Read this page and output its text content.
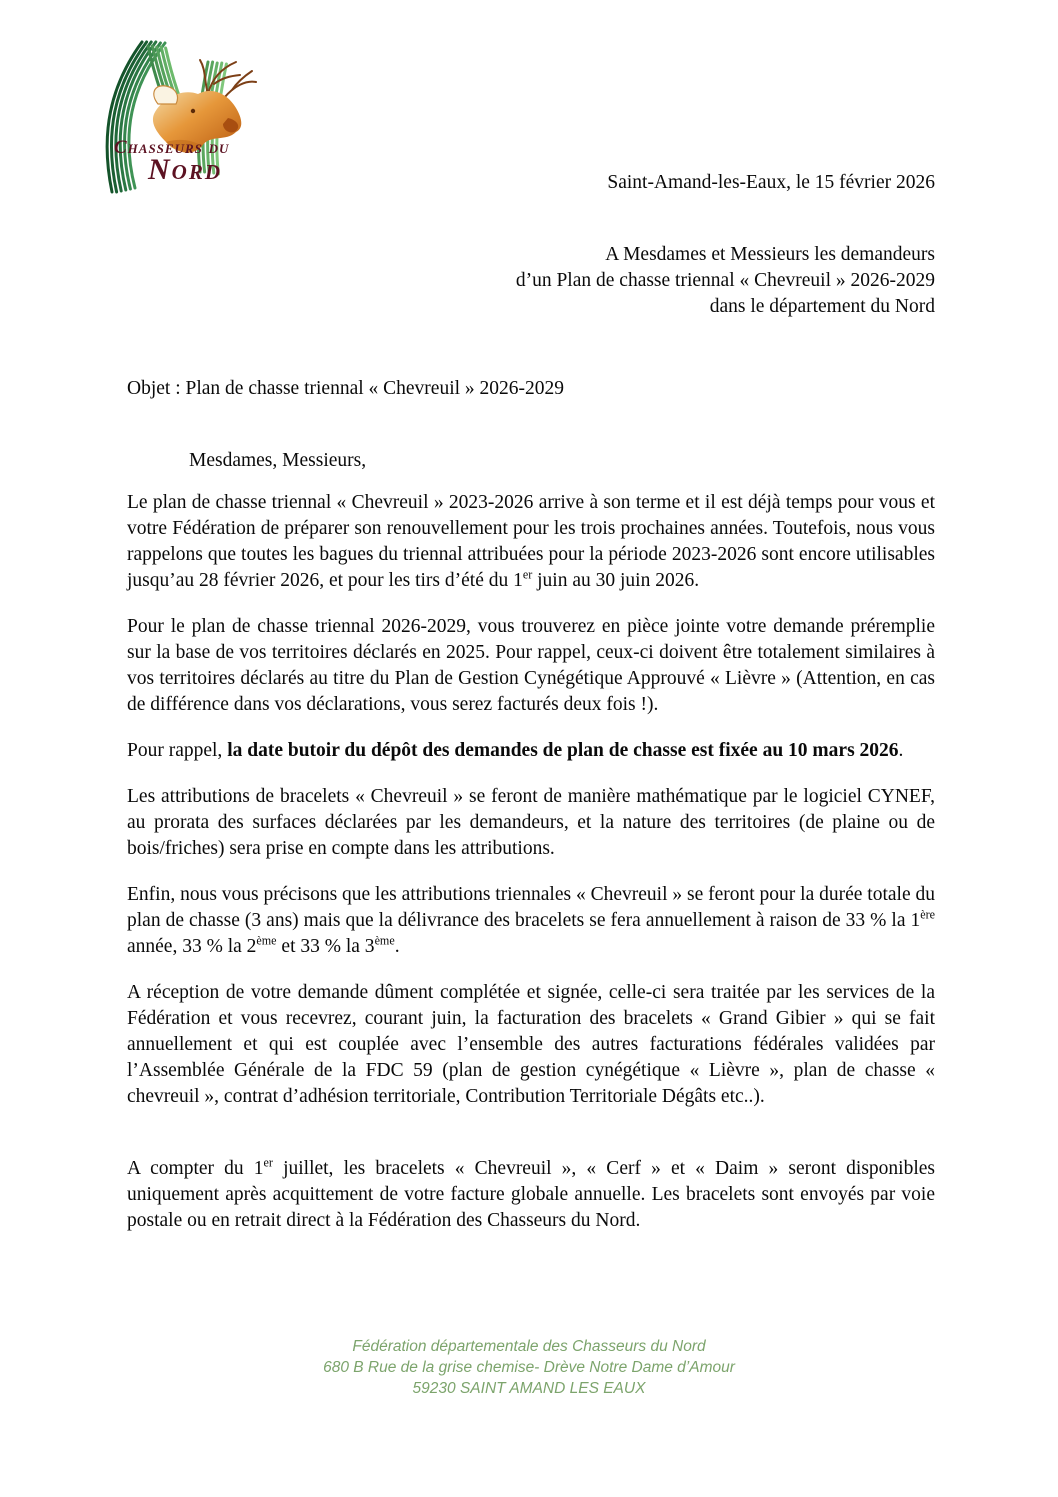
Chasseurs du
Nord	Saint-Amand-les-Eaux, le 15 février 2026
A Mesdames et Messieurs les demandeurs
d’un Plan de chasse triennal « Chevreuil » 2026-2029
dans le département du Nord
Objet : Plan de chasse triennal « Chevreuil » 2026-2029
Mesdames, Messieurs,

Le plan de chasse triennal « Chevreuil » 2023-2026 arrive à son terme et il est déjà temps pour vous et votre Fédération de préparer son renouvellement pour les trois prochaines années. Toutefois, nous vous rappelons que toutes les bagues du triennal attribuées pour la période 2023-2026 sont encore utilisables jusqu’au 28 février 2026, et pour les tirs d’été du 1er juin au 30 juin 2026.

Pour le plan de chasse triennal 2026-2029, vous trouverez en pièce jointe votre demande préremplie sur la base de vos territoires déclarés en 2025. Pour rappel, ceux-ci doivent être totalement similaires à vos territoires déclarés au titre du Plan de Gestion Cynégétique Approuvé « Lièvre » (Attention, en cas de différence dans vos déclarations, vous serez facturés deux fois !).

Pour rappel, la date butoir du dépôt des demandes de plan de chasse est fixée au 10 mars 2026.

Les attributions de bracelets « Chevreuil » se feront de manière mathématique par le logiciel CYNEF, au prorata des surfaces déclarées par les demandeurs, et la nature des territoires (de plaine ou de bois/friches) sera prise en compte dans les attributions.

Enfin, nous vous précisons que les attributions triennales « Chevreuil » se feront pour la durée totale du plan de chasse (3 ans) mais que la délivrance des bracelets se fera annuellement à raison de 33 % la 1ère année, 33 % la 2ème et 33 % la 3ème.

A réception de votre demande dûment complétée et signée, celle-ci sera traitée par les services de la Fédération et vous recevrez, courant juin, la facturation des bracelets « Grand Gibier » qui se fait annuellement et qui est couplée avec l’ensemble des autres facturations fédérales validées par l’Assemblée Générale de la FDC 59 (plan de gestion cynégétique « Lièvre », plan de chasse « chevreuil », contrat d’adhésion territoriale, Contribution Territoriale Dégâts etc..).

A compter du 1er juillet, les bracelets « Chevreuil », « Cerf » et « Daim » seront disponibles uniquement après acquittement de votre facture globale annuelle. Les bracelets sont envoyés par voie postale ou en retrait direct à la Fédération des Chasseurs du Nord.

Fédération départementale des Chasseurs du Nord
680 B Rue de la grise chemise- Drève Notre Dame d’Amour
59230 SAINT AMAND LES EAUX
